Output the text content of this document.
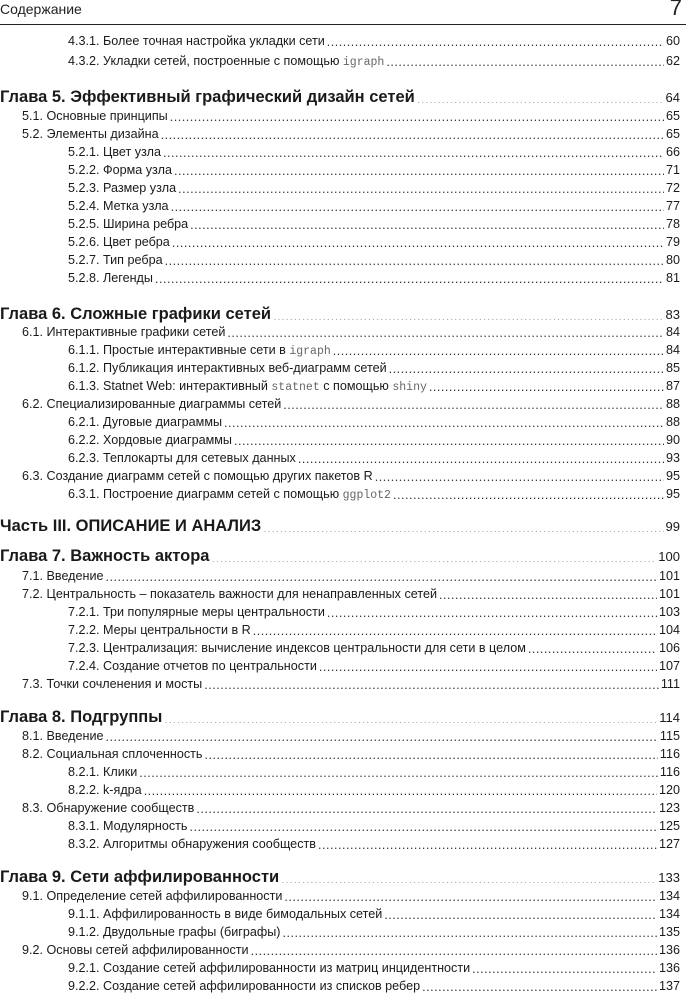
Содержание	7
4.3.1. Более точная настройка укладки сети .....	60
4.3.2. Укладки сетей, построенные с помощью igraph .....	62
Глава 5. Эффективный графический дизайн сетей .....	64
5.1. Основные принципы .....	65
5.2. Элементы дизайна .....	65
5.2.1. Цвет узла .....	66
5.2.2. Форма узла .....	71
5.2.3. Размер узла .....	72
5.2.4. Метка узла .....	77
5.2.5. Ширина ребра .....	78
5.2.6. Цвет ребра .....	79
5.2.7. Тип ребра .....	80
5.2.8. Легенды .....	81
Глава 6. Сложные графики сетей .....	83
6.1. Интерактивные графики сетей .....	84
6.1.1. Простые интерактивные сети в igraph .....	84
6.1.2. Публикация интерактивных веб-диаграмм сетей .....	85
6.1.3. Statnet Web: интерактивный statnet с помощью shiny .....	87
6.2. Специализированные диаграммы сетей .....	88
6.2.1. Дуговые диаграммы .....	88
6.2.2. Хордовые диаграммы .....	90
6.2.3. Теплокарты для сетевых данных .....	93
6.3. Создание диаграмм сетей с помощью других пакетов R .....	95
6.3.1. Построение диаграмм сетей с помощью ggplot2 .....	95
Часть III. ОПИСАНИЕ И АНАЛИЗ .....	99
Глава 7. Важность актора .....	100
7.1. Введение .....	101
7.2. Центральность – показатель важности для ненаправленных сетей .....	101
7.2.1. Три популярные меры центральности .....	103
7.2.2. Меры центральности в R .....	104
7.2.3. Централизация: вычисление индексов центральности для сети в целом .....	106
7.2.4. Создание отчетов по центральности .....	107
7.3. Точки сочленения и мосты .....	111
Глава 8. Подгруппы .....	114
8.1. Введение .....	115
8.2. Социальная сплоченность .....	116
8.2.1. Клики .....	116
8.2.2. k-ядра .....	120
8.3. Обнаружение сообществ .....	123
8.3.1. Модулярность .....	125
8.3.2. Алгоритмы обнаружения сообществ .....	127
Глава 9. Сети аффилированности .....	133
9.1. Определение сетей аффилированности .....	134
9.1.1. Аффилированность в виде бимодальных сетей .....	134
9.1.2. Двудольные графы (биграфы) .....	135
9.2. Основы сетей аффилированности .....	136
9.2.1. Создание сетей аффилированности из матриц инцидентности .....	136
9.2.2. Создание сетей аффилированности из списков ребер .....	137
